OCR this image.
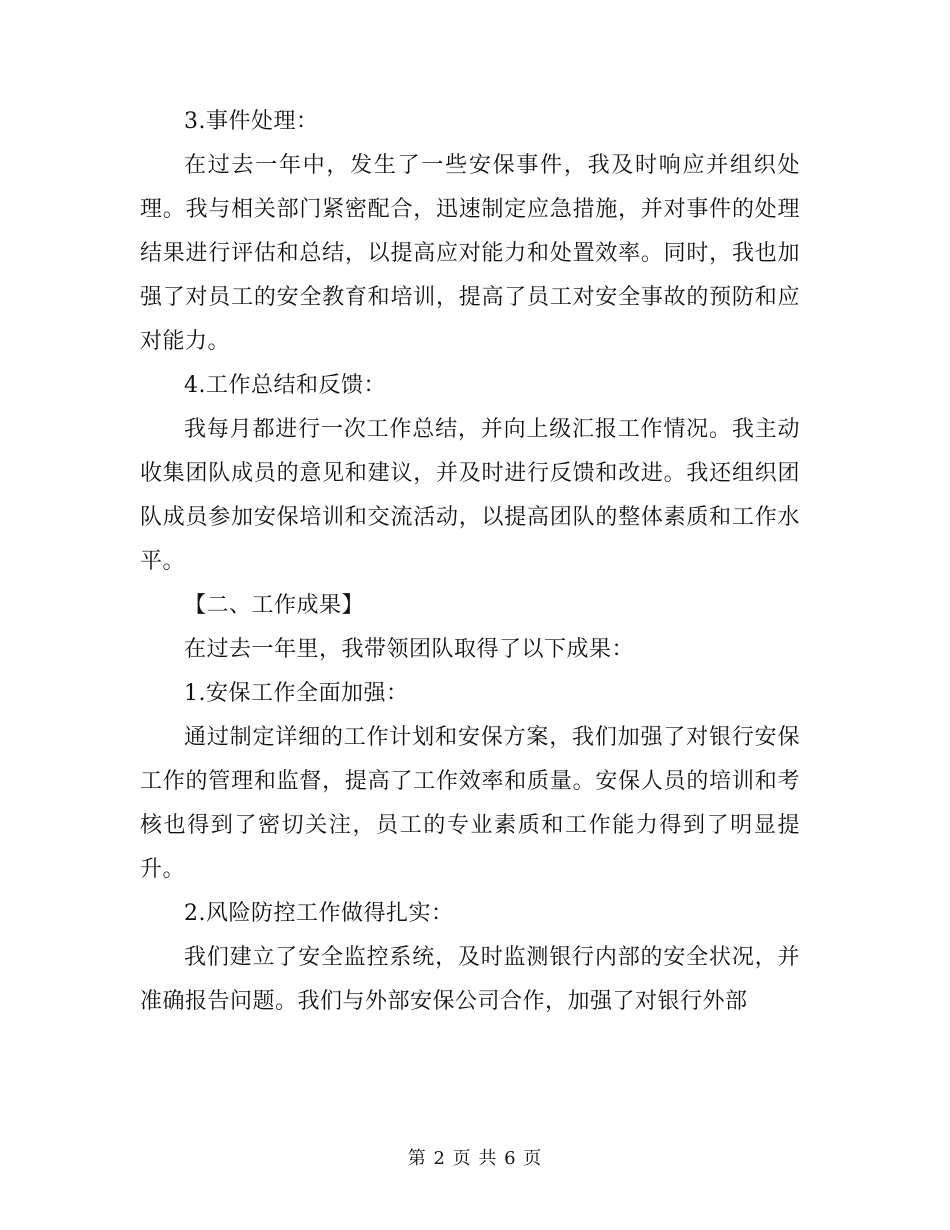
3.事件处理：

在过去一年中，发生了一些安保事件，我及时响应并组织处理。我与相关部门紧密配合，迅速制定应急措施，并对事件的处理结果进行评估和总结，以提高应对能力和处置效率。同时，我也加强了对员工的安全教育和培训，提高了员工对安全事故的预防和应对能力。

4.工作总结和反馈：

我每月都进行一次工作总结，并向上级汇报工作情况。我主动收集团队成员的意见和建议，并及时进行反馈和改进。我还组织团队成员参加安保培训和交流活动，以提高团队的整体素质和工作水平。

【二、工作成果】

在过去一年里，我带领团队取得了以下成果：

1.安保工作全面加强：

通过制定详细的工作计划和安保方案，我们加强了对银行安保工作的管理和监督，提高了工作效率和质量。安保人员的培训和考核也得到了密切关注，员工的专业素质和工作能力得到了明显提升。

2.风险防控工作做得扎实：

我们建立了安全监控系统，及时监测银行内部的安全状况，并准确报告问题。我们与外部安保公司合作，加强了对银行外部

第 2 页 共 6 页
